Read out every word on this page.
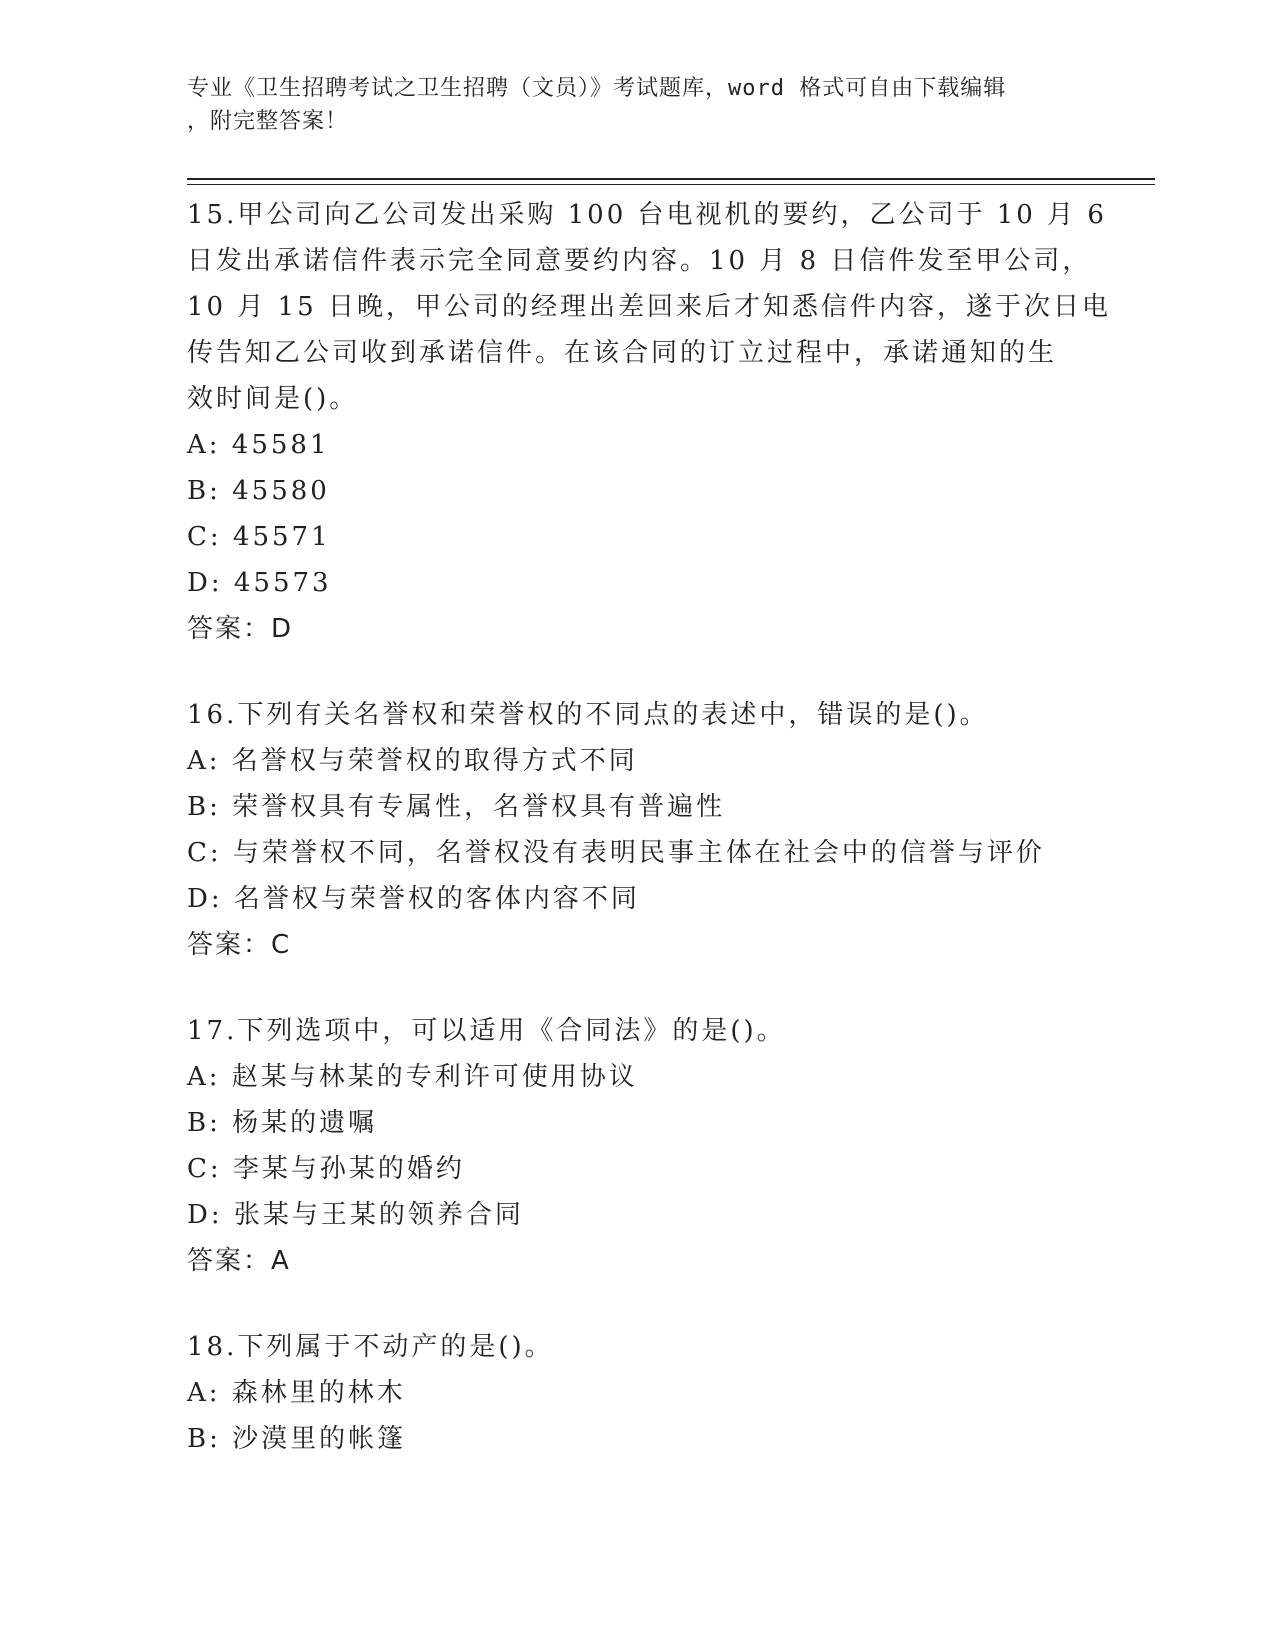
专业《卫生招聘考试之卫生招聘（文员）》考试题库，word 格式可自由下载编辑
，附完整答案！
15.甲公司向乙公司发出采购 100 台电视机的要约，乙公司于 10 月 6
日发出承诺信件表示完全同意要约内容。10 月 8 日信件发至甲公司，
10 月 15 日晚，甲公司的经理出差回来后才知悉信件内容，遂于次日电
传告知乙公司收到承诺信件。在该合同的订立过程中，承诺通知的生
效时间是()。
A: 45581
B: 45580
C: 45571
D: 45573
答案：D
16.下列有关名誉权和荣誉权的不同点的表述中，错误的是()。
A: 名誉权与荣誉权的取得方式不同
B: 荣誉权具有专属性，名誉权具有普遍性
C: 与荣誉权不同，名誉权没有表明民事主体在社会中的信誉与评价
D: 名誉权与荣誉权的客体内容不同
答案：C
17.下列选项中，可以适用《合同法》的是()。
A: 赵某与林某的专利许可使用协议
B: 杨某的遗嘱
C: 李某与孙某的婚约
D: 张某与王某的领养合同
答案：A
18.下列属于不动产的是()。
A: 森林里的林木
B: 沙漠里的帐篷
